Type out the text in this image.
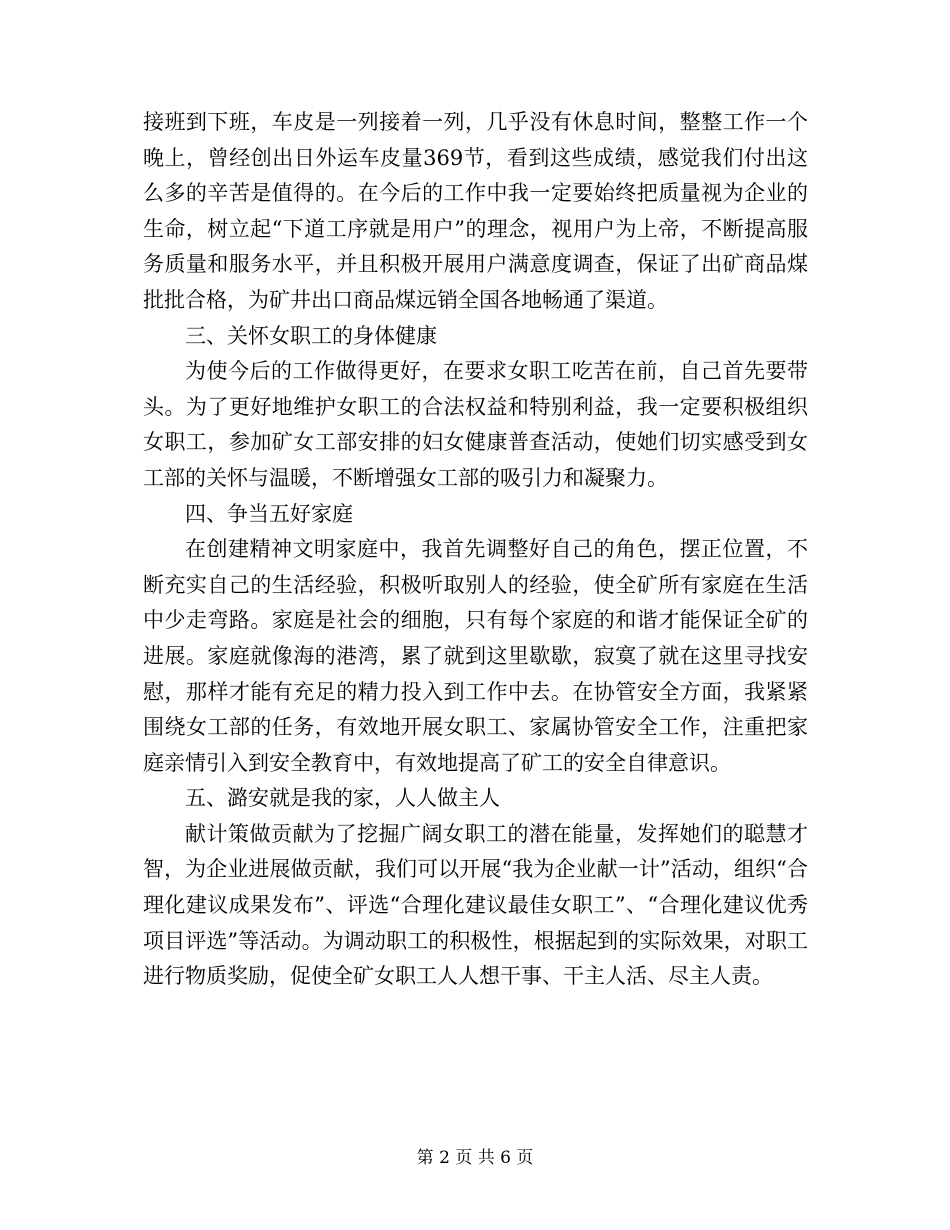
接班到下班，车皮是一列接着一列，几乎没有休息时间，整整工作一个晚上，曾经创出日外运车皮量369节，看到这些成绩，感觉我们付出这么多的辛苦是值得的。在今后的工作中我一定要始终把质量视为企业的生命，树立起“下道工序就是用户”的理念，视用户为上帝，不断提高服务质量和服务水平，并且积极开展用户满意度调查，保证了出矿商品煤批批合格，为矿井出口商品煤远销全国各地畅通了渠道。

三、关怀女职工的身体健康

为使今后的工作做得更好，在要求女职工吃苦在前，自己首先要带头。为了更好地维护女职工的合法权益和特别利益，我一定要积极组织女职工，参加矿女工部安排的妇女健康普查活动，使她们切实感受到女工部的关怀与温暖，不断增强女工部的吸引力和凝聚力。

四、争当五好家庭

在创建精神文明家庭中，我首先调整好自己的角色，摆正位置，不断充实自己的生活经验，积极听取别人的经验，使全矿所有家庭在生活中少走弯路。家庭是社会的细胞，只有每个家庭的和谐才能保证全矿的进展。家庭就像海的港湾，累了就到这里歇歇，寂寞了就在这里寻找安慰，那样才能有充足的精力投入到工作中去。在协管安全方面，我紧紧围绕女工部的任务，有效地开展女职工、家属协管安全工作，注重把家庭亲情引入到安全教育中，有效地提高了矿工的安全自律意识。

五、潞安就是我的家，人人做主人

献计策做贡献为了挖掘广阔女职工的潜在能量，发挥她们的聪慧才智，为企业进展做贡献，我们可以开展“我为企业献一计”活动，组织“合理化建议成果发布”、评选“合理化建议最佳女职工”、“合理化建议优秀项目评选”等活动。为调动职工的积极性，根据起到的实际效果，对职工进行物质奖励，促使全矿女职工人人想干事、干主人活、尽主人责。

第 2 页 共 6 页
